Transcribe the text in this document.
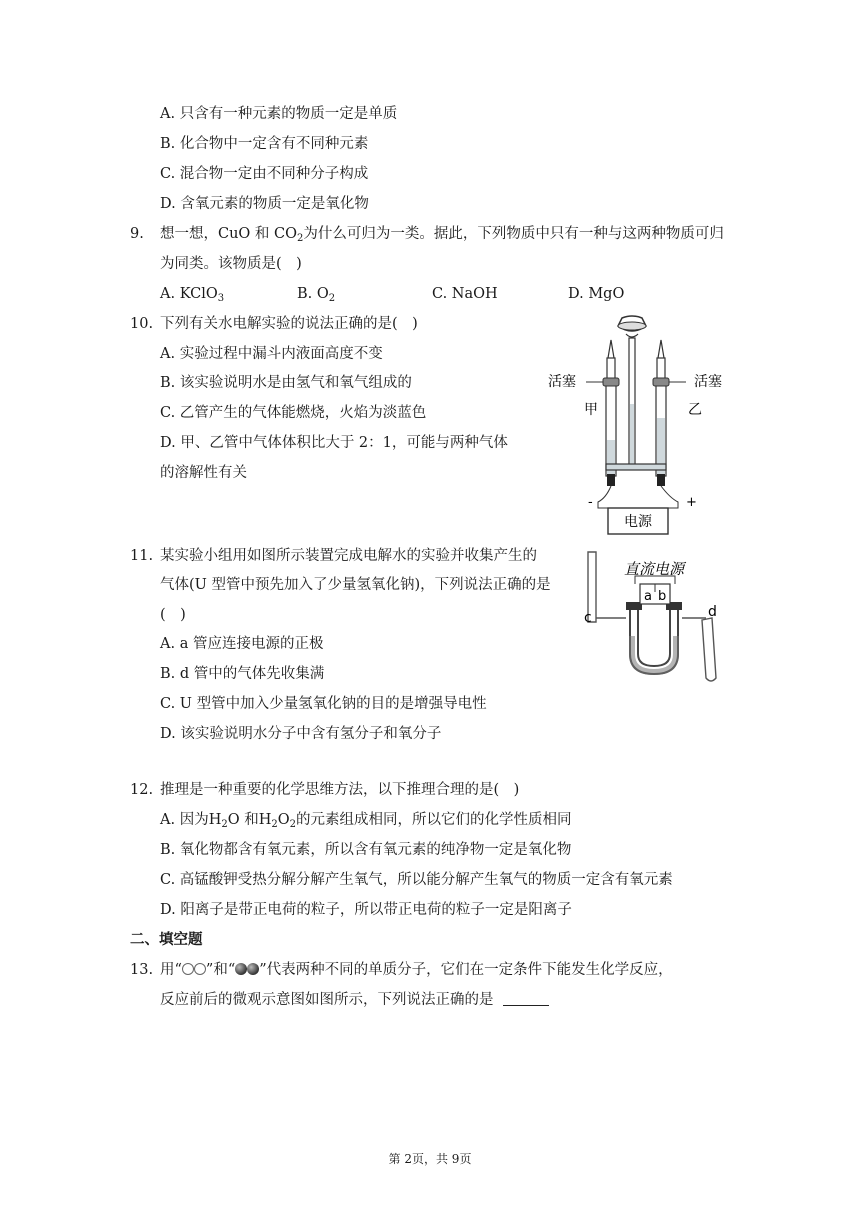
A. 只含有一种元素的物质一定是单质
B. 化合物中一定含有不同种元素
C. 混合物一定由不同种分子构成
D. 含氧元素的物质一定是氧化物
9. 想一想，CuO 和 $CO_2$为什么可归为一类。据此，下列物质中只有一种与这两种物质可归
为同类。该物质是(　)
A. KClO$_3$	B. $O_2$	C. NaOH	D. MgO
10. 下列有关水电解实验的说法正确的是(　)
A. 实验过程中漏斗内液面高度不变
B. 该实验说明水是由氢气和氧气组成的
C. 乙管产生的气体能燃烧，火焰为淡蓝色
D. 甲、乙管中气体体积比大于 2：1，可能与两种气体
的溶解性有关
活塞	活塞
甲	乙
-	+
电源
11. 某实验小组用如图所示装置完成电解水的实验并收集产生的
气体(U 型管中预先加入了少量氢氧化钠)，下列说法正确的是
(　)
A. a 管应连接电源的正极
B. d 管中的气体先收集满
C. U 型管中加入少量氢氧化钠的目的是增强导电性
D. 该实验说明水分子中含有氢分子和氧分子
直流电源
a b
c	d
12. 推理是一种重要的化学思维方法，以下推理合理的是(　)
A. 因为$H_2O$ 和$H_2O_2$的元素组成相同，所以它们的化学性质相同
B. 氧化物都含有氧元素，所以含有氧元素的纯净物一定是氧化物
C. 高锰酸钾受热分解分解产生氧气，所以能分解产生氧气的物质一定含有氧元素
D. 阳离子是带正电荷的粒子，所以带正电荷的粒子一定是阳离子
二、填空题
13. 用“ ”和“ ”代表两种不同的单质分子，它们在一定条件下能发生化学反应，
反应前后的微观示意图如图所示，下列说法正确的是
第 2页，共 9页
